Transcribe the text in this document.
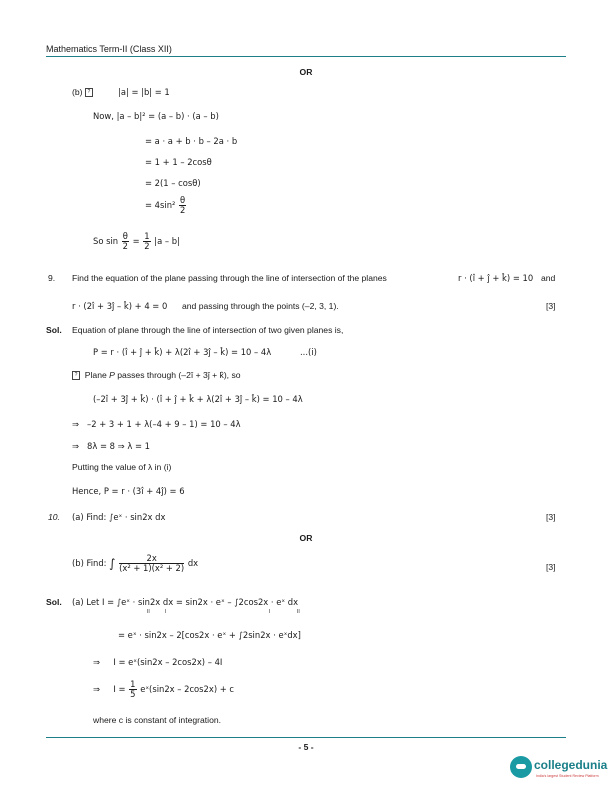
Mathematics Term-II (Class XII)
OR
(b) ?	|a| = |b| = 1
Now, |a – b|² = (a – b) · (a – b)
= a · a + b · b – 2a · b
= 1 + 1 – 2cosθ
= 2(1 – cosθ)
= $4\sin^2 \frac{\theta}{2}$
So $\sin \frac{\theta}{2} = \frac{1}{2} |a - b|$
9. Find the equation of the plane passing through the line of intersection of the planes	r · (î + ĵ + k̂) = 10 and
r · (2î + 3ĵ – k̂) + 4 = 0 and passing through the points (–2, 3, 1).	[3]
Sol. Equation of plane through the line of intersection of two given planes is,
P = r · (î + ĵ + k̂) + λ(2î + 3ĵ – k̂) = 10 – 4λ	...(i)
? Plane P passes through (–2î + 3ĵ + k̂), so
(–2î + 3ĵ + k̂) · (î + ĵ + k̂ + λ(2î + 3ĵ – k̂) = 10 – 4λ
⇒ –2 + 3 + 1 + λ(–4 + 9 – 1) = 10 – 4λ
⇒ 8λ = 8 ⇒ λ = 1
Putting the value of λ in (i)
Hence, P = r · (3î + 4ĵ) = 6
10. (a) Find: ∫eˣ · sin2x dx	[3]
OR
(b) Find: ∫ $\frac{2x}{\text{(x² + 1)(x² + 2)}}$ dx	[3]
Sol. (a) Let I = ∫eˣ · sin2x dx = sin2x · eˣ – ∫2cos2x · eˣ dx
II	I	I	II
= eˣ · sin2x – 2[cos2x · eˣ + ∫2sin2x · eˣdx]
⇒ I = eˣ(sin2x – 2cos2x) – 4I
⇒ $I = \frac{1}{5}$ eˣ(sin2x – 2cos2x) + c
where c is constant of integration.
- 5 -
collegedunia
India's largest Student Review Platform
